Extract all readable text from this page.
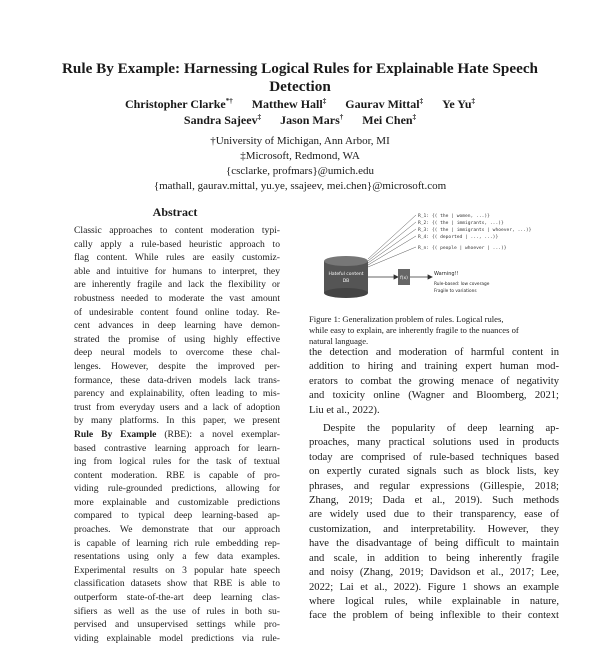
Rule By Example: Harnessing Logical Rules for Explainable Hate Speech
Detection
Christopher Clarke*† Matthew Hall‡ Gaurav Mittal‡ Ye Yu‡
Sandra Sajeev‡ Jason Mars† Mei Chen‡
†University of Michigan, Ann Arbor, MI
‡Microsoft, Redmond, WA
{csclarke, profmars}@umich.edu
{mathall, gaurav.mittal, yu.ye, ssajeev, mei.chen}@microsoft.com
Abstract
Classic approaches to content moderation typi-
cally apply a rule-based heuristic approach to
flag content. While rules are easily customiz-
able and intuitive for humans to interpret, they
are inherently fragile and lack the flexibility or
robustness needed to moderate the vast amount
of undesirable content found online today. Re-
cent advances in deep learning have demon-
strated the promise of using highly effective
deep neural models to overcome these chal-
lenges. However, despite the improved per-
formance, these data-driven models lack trans-
parency and explainability, often leading to mis-
trust from everyday users and a lack of adoption
by many platforms. In this paper, we present
Rule By Example (RBE): a novel exemplar-
based contrastive learning approach for learn-
ing from logical rules for the task of textual
content moderation. RBE is capable of pro-
viding rule-grounded predictions, allowing for
more explainable and customizable predictions
compared to typical deep learning-based ap-
proaches. We demonstrate that our approach
is capable of learning rich rule embedding rep-
resentations using only a few data examples.
Experimental results on 3 popular hate speech
classification datasets show that RBE is able to
outperform state-of-the-art deep learning clas-
sifiers as well as the use of rules in both su-
pervised and unsupervised settings while pro-
viding explainable model predictions via rule-
R_1: {( the | women, ...)}
R_2: {( the | immigrants, ...)}
R_3: {( the | immigrants | whoever, ...)}
R_4: {( deported | ..., ...)}
R_n: {( people | whoever | ...)}
Hateful content
DB
f(x)
Warning!!
Rule-based: low coverage
Fragile to variations
Figure 1: Generalization problem of rules. Logical rules,
while easy to explain, are inherently fragile to the nuances of
natural language.
the detection and moderation of harmful content in
addition to hiring and training expert human mod-
erators to combat the growing menace of negativity
and toxicity online (Wagner and Bloomberg, 2021;
Liu et al., 2022).
Despite the popularity of deep learning ap-
proaches, many practical solutions used in products
today are comprised of rule-based techniques based
on expertly curated signals such as block lists, key
phrases, and regular expressions (Gillespie, 2018;
Zhang, 2019; Dada et al., 2019). Such methods
are widely used due to their transparency, ease of
customization, and interpretability. However, they
have the disadvantage of being difficult to maintain
and scale, in addition to being inherently fragile
and noisy (Zhang, 2019; Davidson et al., 2017; Lee,
2022; Lai et al., 2022). Figure 1 shows an example
where logical rules, while explainable in nature,
face the problem of being inflexible to their context
